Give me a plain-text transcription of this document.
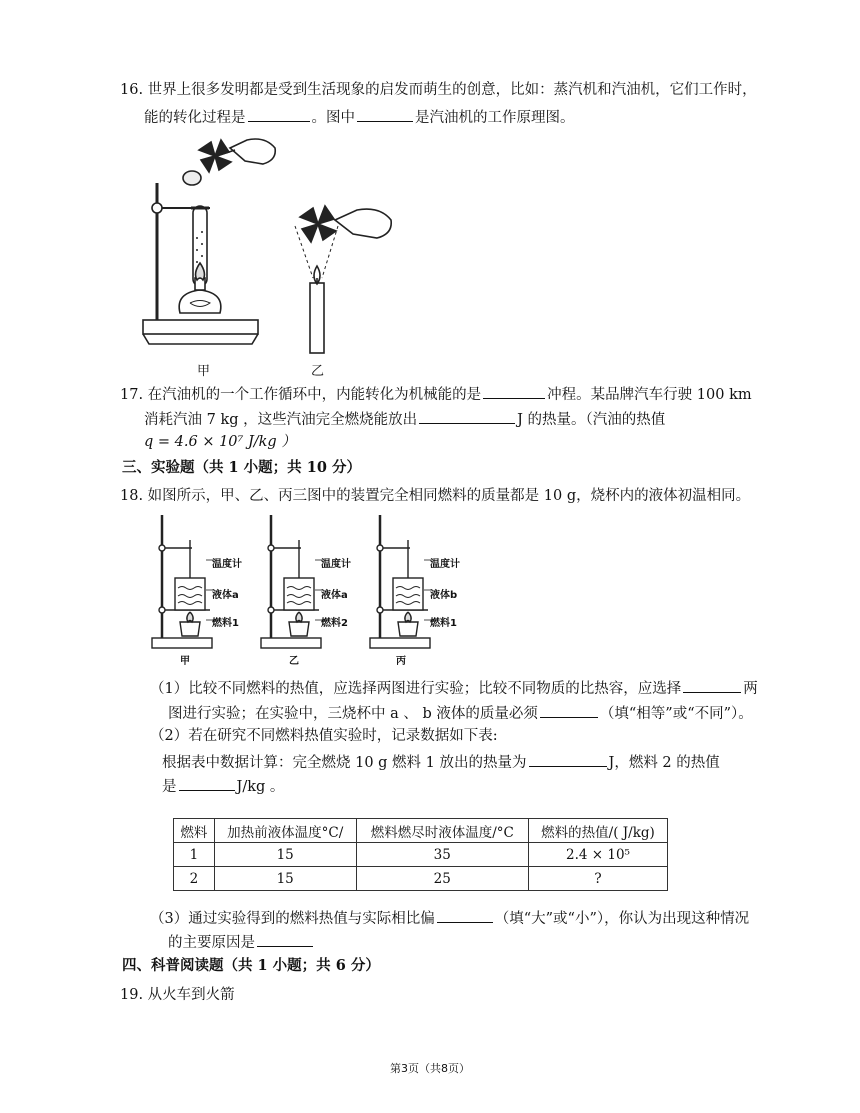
16. 世界上很多发明都是受到生活现象的启发而萌生的创意，比如：蒸汽机和汽油机，它们工作时，
能的转化过程是	。图中	是汽油机的工作原理图。
甲	乙
17. 在汽油机的一个工作循环中，内能转化为机械能的是	冲程。某品牌汽车行驶 100 km
消耗汽油 7 kg ，这些汽油完全燃烧能放出	J 的热量。（汽油的热值
q = 4.6 × 10⁷ J/kg ）
三、实验题（共 1 小题；共 10 分）
18. 如图所示，甲、乙、丙三图中的装置完全相同燃料的质量都是 10 g，烧杯内的液体初温相同。
温度计
液体a
燃料1
甲
温度计
液体a
燃料2
乙
温度计
液体b
燃料1
丙
（1）比较不同燃料的热值，应选择两图进行实验；比较不同物质的比热容，应选择	两
图进行实验；在实验中，三烧杯中 a 、 b 液体的质量必须	（填“相等”或“不同”）。
（2）若在研究不同燃料热值实验时，记录数据如下表:
根据表中数据计算：完全燃烧 10 g 燃料 1 放出的热量为	J，燃料 2 的热值
是	J/kg 。
燃料	加热前液体温度°C/	燃料燃尽时液体温度/°C	燃料的热值/( J/kg)
1	15	35	2.4 × 10⁵
2	15	25	?
（3）通过实验得到的燃料热值与实际相比偏	（填“大”或“小”），你认为出现这种情况
的主要原因是
四、科普阅读题（共 1 小题；共 6 分）
19. 从火车到火箭
第3页（共8页）
